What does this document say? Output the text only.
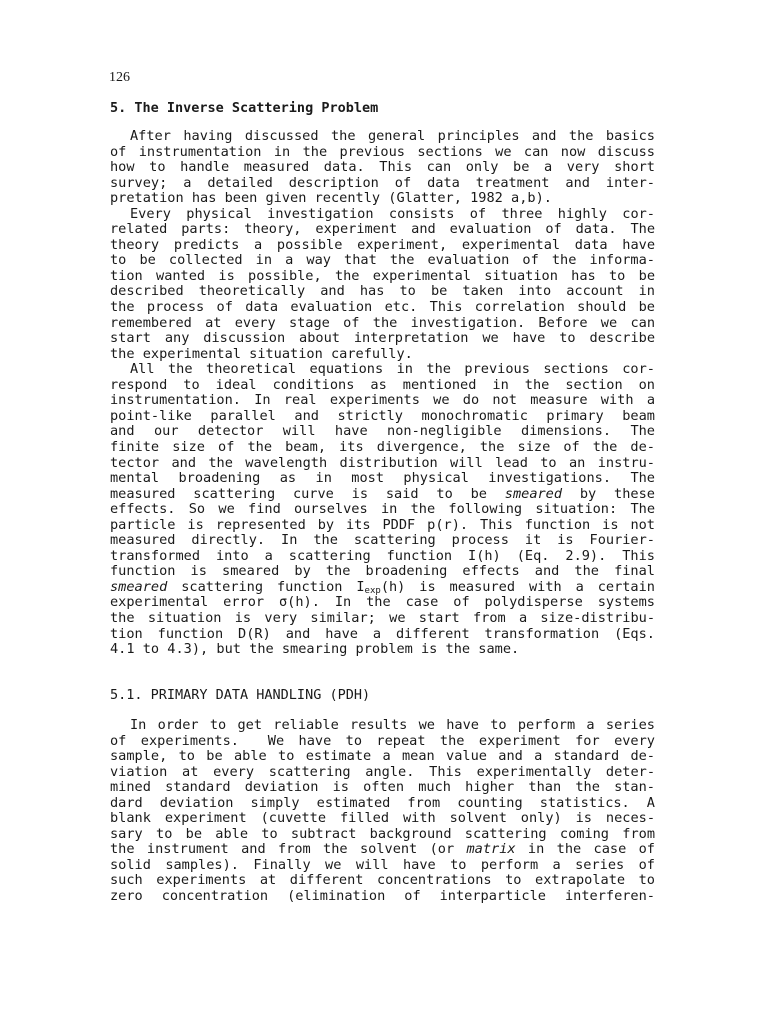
126
5. The Inverse Scattering Problem
After having discussed the general principles and the basics
of instrumentation in the previous sections we can now discuss
how to handle measured data. This can only be a very short
survey; a detailed description of data treatment and inter-
pretation has been given recently (Glatter, 1982 a,b).
Every physical investigation consists of three highly cor-
related parts: theory, experiment and evaluation of data. The
theory predicts a possible experiment, experimental data have
to be collected in a way that the evaluation of the informa-
tion wanted is possible, the experimental situation has to be
described theoretically and has to be taken into account in
the process of data evaluation etc. This correlation should be
remembered at every stage of the investigation. Before we can
start any discussion about interpretation we have to describe
the experimental situation carefully.
All the theoretical equations in the previous sections cor-
respond to ideal conditions as mentioned in the section on
instrumentation. In real experiments we do not measure with a
point-like parallel and strictly monochromatic primary beam
and our detector will have non-negligible dimensions. The
finite size of the beam, its divergence, the size of the de-
tector and the wavelength distribution will lead to an instru-
mental broadening as in most physical investigations. The
measured scattering curve is said to be smeared by these
effects. So we find ourselves in the following situation: The
particle is represented by its PDDF p(r). This function is not
measured directly. In the scattering process it is Fourier-
transformed into a scattering function I(h) (Eq. 2.9). This
function is smeared by the broadening effects and the final
smeared scattering function $I_{exp}(h)$ is measured with a certain
experimental error σ(h). In the case of polydisperse systems
the situation is very similar; we start from a size-distribu-
tion function D(R) and have a different transformation (Eqs.
4.1 to 4.3), but the smearing problem is the same.
5.1. PRIMARY DATA HANDLING (PDH)
In order to get reliable results we have to perform a series
of experiments.  We have to repeat the experiment for every
sample, to be able to estimate a mean value and a standard de-
viation at every scattering angle. This experimentally deter-
mined standard deviation is often much higher than the stan-
dard deviation simply estimated from counting statistics. A
blank experiment (cuvette filled with solvent only) is neces-
sary to be able to subtract background scattering coming from
the instrument and from the solvent (or matrix in the case of
solid samples). Finally we will have to perform a series of
such experiments at different concentrations to extrapolate to
zero concentration (elimination of interparticle interferen-
